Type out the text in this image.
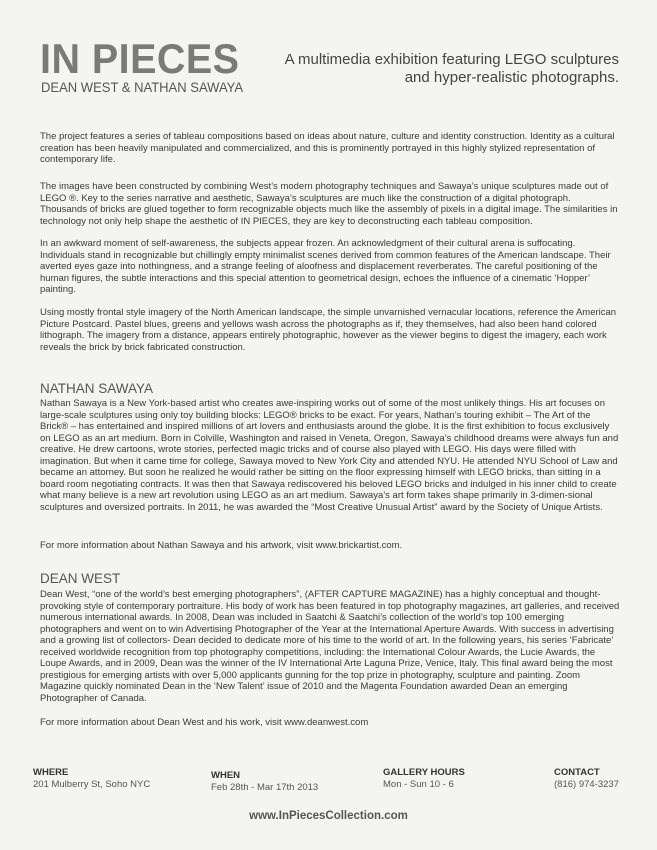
IN PIECES
DEAN WEST & NATHAN SAWAYA
A multimedia exhibition featuring LEGO sculptures
and hyper-realistic photographs.

The project features a series of tableau compositions based on ideas about nature, culture and identity construction. Identity as a cultural creation has been heavily manipulated and commercialized, and this is prominently portrayed in this highly stylized representation of contemporary life.

The images have been constructed by combining West’s modern photography techniques and Sawaya’s unique sculptures made out of LEGO ®. Key to the series narrative and aesthetic, Sawaya’s sculptures are much like the construction of a digital photograph. Thousands of bricks are glued together to form recognizable objects much like the assembly of pixels in a digital image. The similarities in technology not only help shape the aesthetic of IN PIECES, they are key to deconstructing each tableau composition.

In an awkward moment of self-awareness, the subjects appear frozen. An acknowledgment of their cultural arena is suffocating. Individuals stand in recognizable but chillingly empty minimalist scenes derived from common features of the American landscape. Their averted eyes gaze into nothingness, and a strange feeling of aloofness and displacement reverberates. The careful positioning of the human figures, the subtle interactions and this special attention to geometrical design, echoes the influence of a cinematic ‘Hopper’ painting.

Using mostly frontal style imagery of the North American landscape, the simple unvarnished vernacular locations, reference the American Picture Postcard. Pastel blues, greens and yellows wash across the photographs as if, they themselves, had also been hand colored lithograph. The imagery from a distance, appears entirely photographic, however as the viewer begins to digest the imagery, each work reveals the brick by brick fabricated construction.

NATHAN SAWAYA

Nathan Sawaya is a New York-based artist who creates awe-inspiring works out of some of the most unlikely things. His art focuses on large-scale sculptures using only toy building blocks: LEGO® bricks to be exact. For years, Nathan’s touring exhibit – The Art of the Brick® – has entertained and inspired millions of art lovers and enthusiasts around the globe. It is the first exhibition to focus exclusively on LEGO as an art medium. Born in Colville, Washington and raised in Veneta, Oregon, Sawaya’s childhood dreams were always fun and creative. He drew cartoons, wrote stories, perfected magic tricks and of course also played with LEGO. His days were filled with imagination. But when it came time for college, Sawaya moved to New York City and attended NYU. He attended NYU School of Law and became an attorney. But soon he realized he would rather be sitting on the floor expressing himself with LEGO bricks, than sitting in a board room negotiating contracts. It was then that Sawaya rediscovered his beloved LEGO bricks and indulged in his inner child to create what many believe is a new art revolution using LEGO as an art medium. Sawaya’s art form takes shape primarily in 3-dimen-sional sculptures and oversized portraits. In 2011, he was awarded the “Most Creative Unusual Artist” award by the Society of Unique Artists.

For more information about Nathan Sawaya and his artwork, visit www.brickartist.com.

DEAN WEST

Dean West, “one of the world’s best emerging photographers”, (AFTER CAPTURE MAGAZINE) has a highly conceptual and thought-provoking style of contemporary portraiture. His body of work has been featured in top photography magazines, art galleries, and received numerous international awards. In 2008, Dean was included in Saatchi & Saatchi’s collection of the world’s top 100 emerging photographers and went on to win Advertising Photographer of the Year at the International Aperture Awards. With success in advertising and a growing list of collectors- Dean decided to dedicate more of his time to the world of art. In the following years, his series ‘Fabricate’ received worldwide recognition from top photography competitions, including: the International Colour Awards, the Lucie Awards, the Loupe Awards, and in 2009, Dean was the winner of the IV International Arte Laguna Prize, Venice, Italy. This final award being the most prestigious for emerging artists with over 5,000 applicants gunning for the top prize in photography, sculpture and painting. Zoom Magazine quickly nominated Dean in the ‘New Talent’ issue of 2010 and the Magenta Foundation awarded Dean an emerging Photographer of Canada.

For more information about Dean West and his work, visit www.deanwest.com

WHERE
201 Mulberry St, Soho NYC
WHEN
Feb 28th - Mar 17th 2013
GALLERY HOURS
Mon - Sun 10 - 6
CONTACT
(816) 974-3237
www.InPiecesCollection.com
